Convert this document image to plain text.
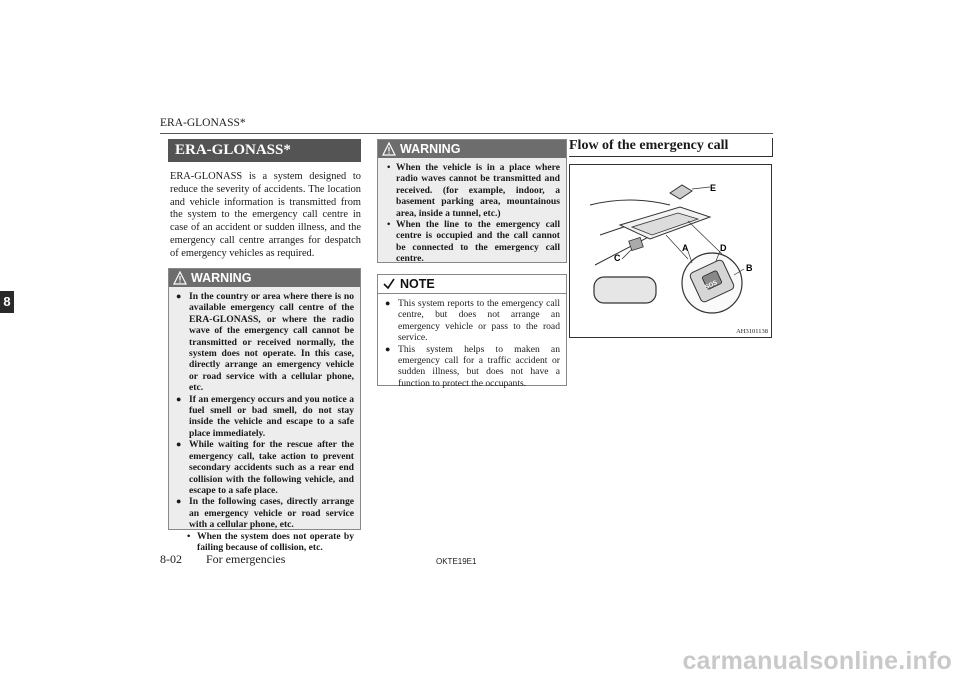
ERA-GLONASS*
8
ERA-GLONASS*

ERA-GLONASS is a system designed to reduce the severity of accidents. The location and vehicle information is transmitted from the system to the emergency call centre in case of an accident or sudden illness, and the emergency call centre arranges for despatch of emergency vehicles as required.

WARNING
● In the country or area where there is no available emergency call centre of the ERA-GLONASS, or where the radio wave of the emergency call cannot be transmitted or received normally, the system does not operate. In this case, directly arrange an emergency vehicle or road service with a cellular phone, etc.
● If an emergency occurs and you notice a fuel smell or bad smell, do not stay inside the vehicle and escape to a safe place immediately.
● While waiting for the rescue after the emergency call, take action to prevent secondary accidents such as a rear end collision with the following vehicle, and escape to a safe place.
● In the following cases, directly arrange an emergency vehicle or road service with a cellular phone, etc.
• When the system does not operate by failing because of collision, etc.
WARNING
• When the vehicle is in a place where radio waves cannot be transmitted and received. (for example, indoor, a basement parking area, mountainous area, inside a tunnel, etc.)
• When the line to the emergency call centre is occupied and the call cannot be connected to the emergency call centre.
NOTE
● This system reports to the emergency call centre, but does not arrange an emergency vehicle or pass to the road service.
● This system helps to maken an emergency call for a traffic accident or sudden illness, but does not have a function to protect the occupants.
Flow of the emergency call
SOS
E
C
A	D
B
AH3101138
8-02 For emergencies	OKTE19E1
carmanualsonline.info
